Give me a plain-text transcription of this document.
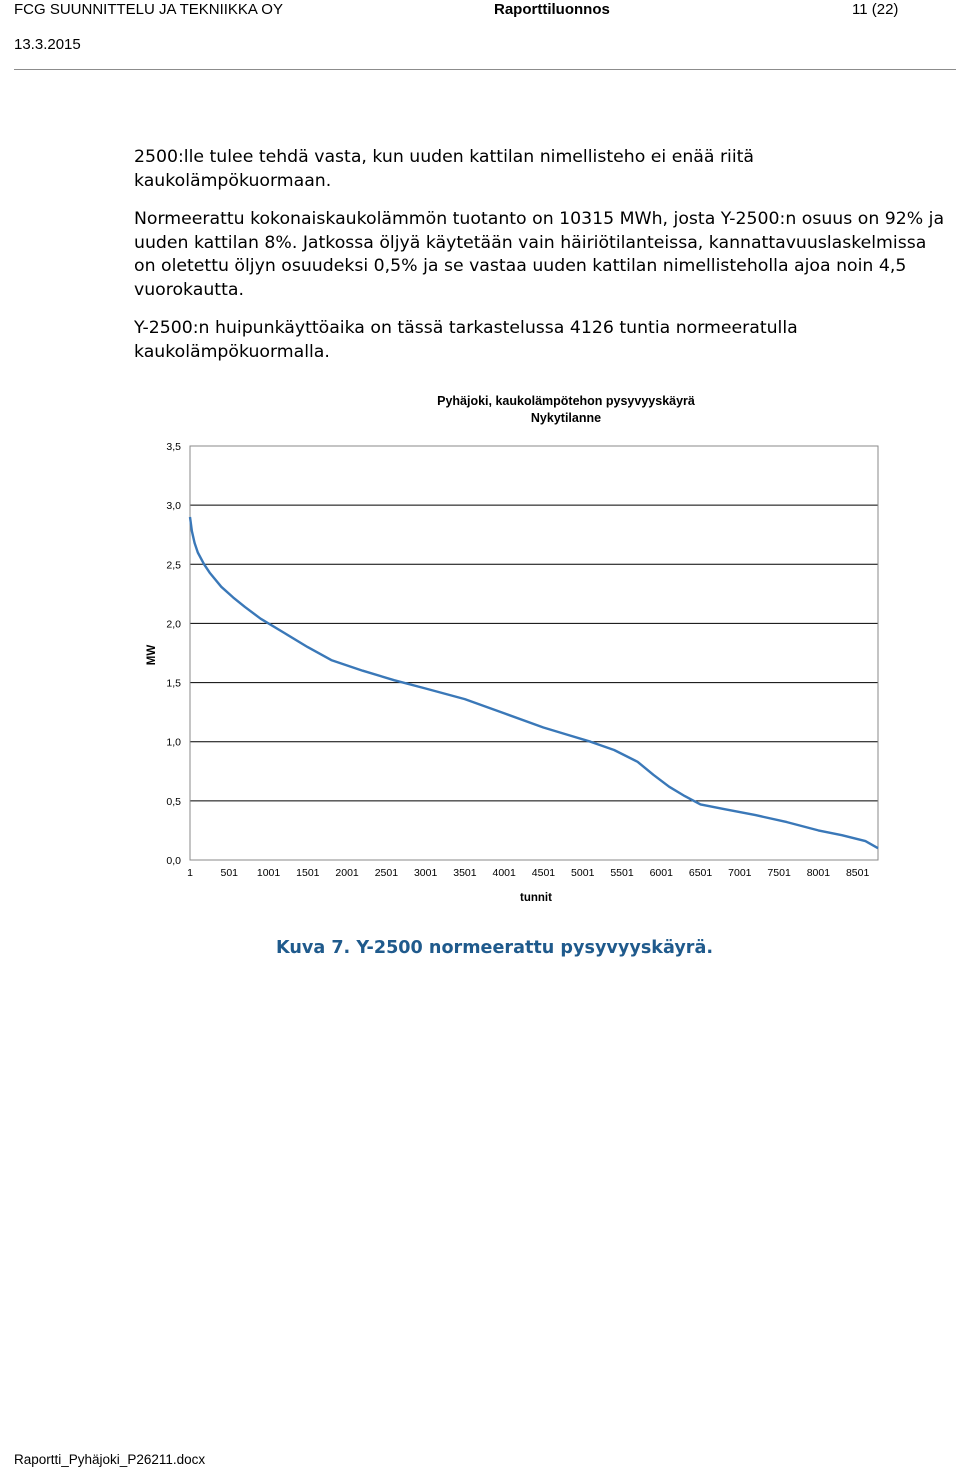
FCG SUUNNITTELU JA TEKNIIKKA OY	Raporttiluonnos	11 (22)
13.3.2015

2500:lle tulee tehdä vasta, kun uuden kattilan nimellisteho ei enää riitä kaukolämpökuormaan.

Normeerattu kokonaiskaukolämmön tuotanto on 10315 MWh, josta Y-2500:n osuus on 92% ja uuden kattilan 8%. Jatkossa öljyä käytetään vain häiriötilanteissa, kannattavuuslaskelmissa on oletettu öljyn osuudeksi 0,5% ja se vastaa uuden kattilan nimellisteholla ajoa noin 4,5 vuorokautta.

Y-2500:n huipunkäyttöaika on tässä tarkastelussa 4126 tuntia normeeratulla kaukolämpökuormalla.

Pyhäjoki, kaukolämpötehon pysyvyyskäyrä
Nykytilanne
MW
tunnit
0,0
0,5
1,0
1,5
2,0
2,5
3,0
3,5
1	501 1001 1501 2001 2501 3001 3501 4001 4501 5001 5501 6001 6501 7001 7501 8001 8501
Kuva 7. Y-2500 normeerattu pysyvyyskäyrä.
Raportti_Pyhäjoki_P26211.docx
